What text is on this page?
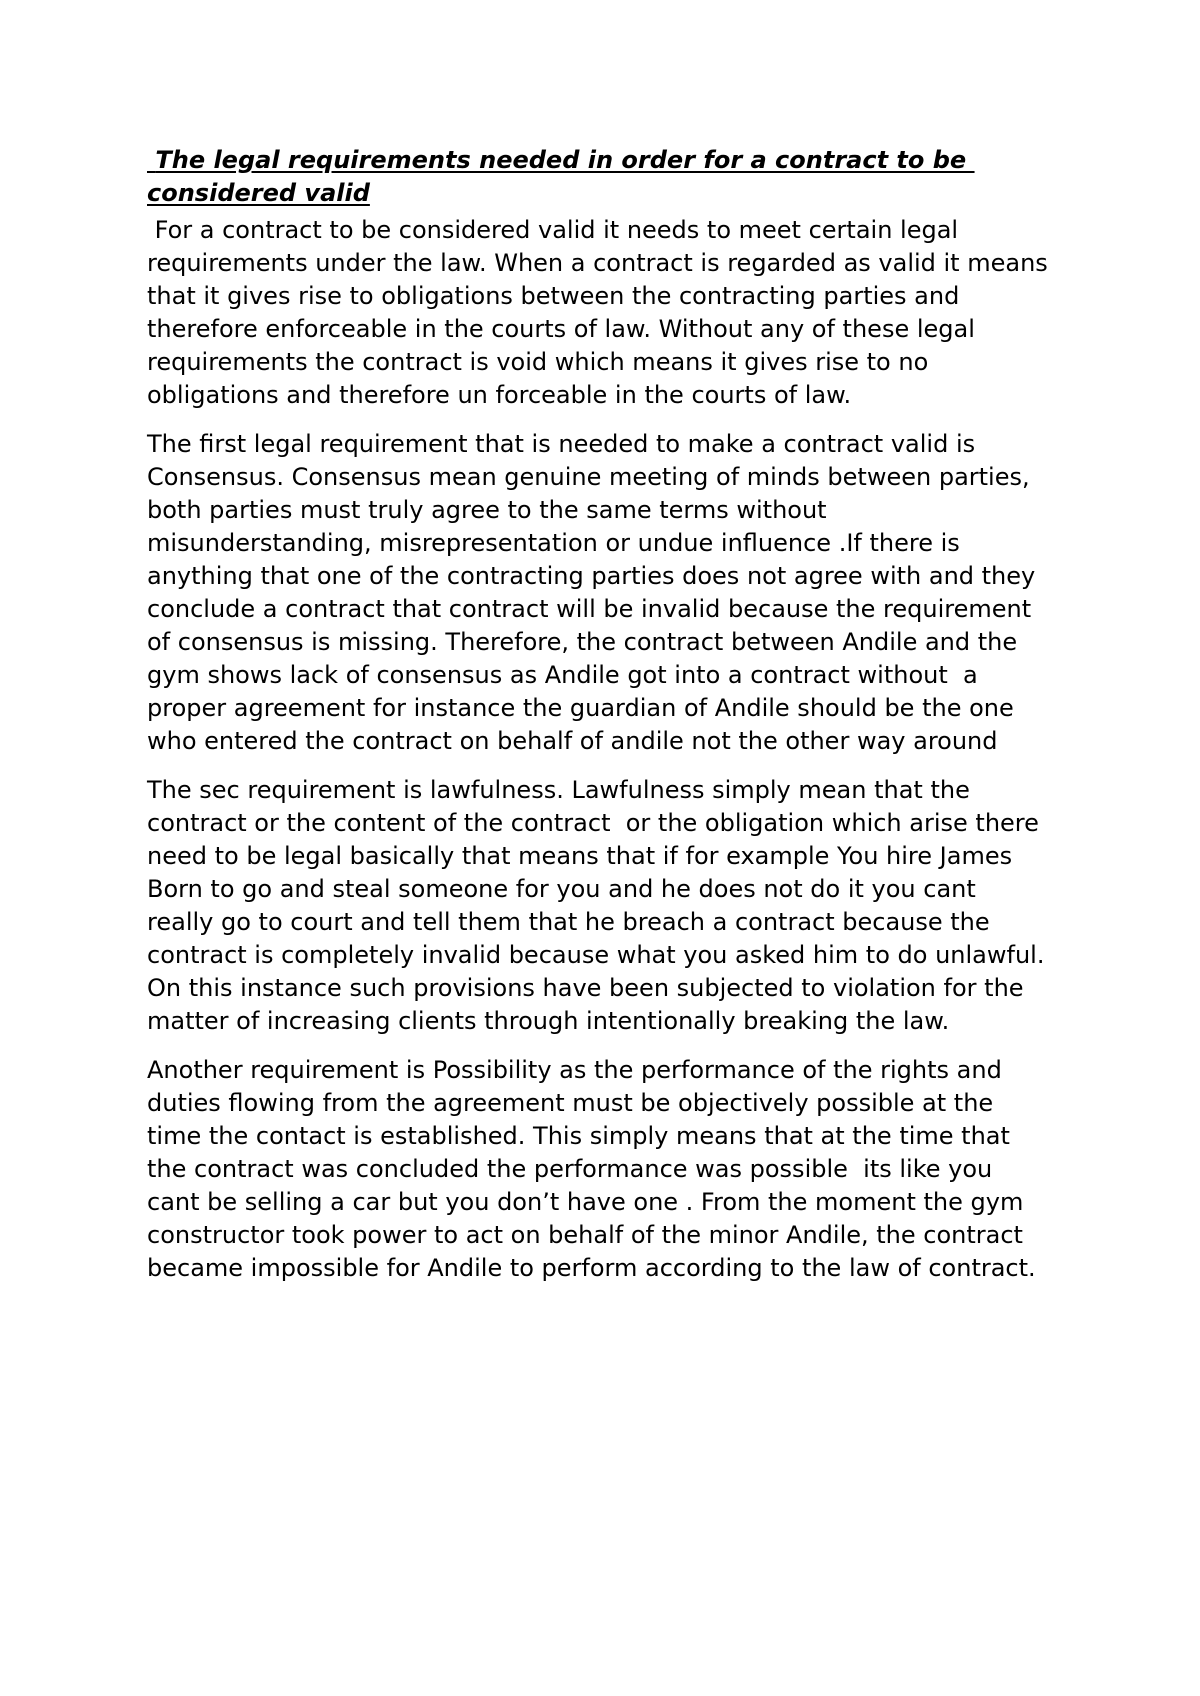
The legal requirements needed in order for a contract to be
considered valid

For a contract to be considered valid it needs to meet certain legal
requirements under the law. When a contract is regarded as valid it means
that it gives rise to obligations between the contracting parties and
therefore enforceable in the courts of law. Without any of these legal
requirements the contract is void which means it gives rise to no
obligations and therefore un forceable in the courts of law.

The first legal requirement that is needed to make a contract valid is
Consensus. Consensus mean genuine meeting of minds between parties,
both parties must truly agree to the same terms without
misunderstanding, misrepresentation or undue influence .If there is
anything that one of the contracting parties does not agree with and they
conclude a contract that contract will be invalid because the requirement
of consensus is missing. Therefore, the contract between Andile and the
gym shows lack of consensus as Andile got into a contract without  a
proper agreement for instance the guardian of Andile should be the one
who entered the contract on behalf of andile not the other way around

The sec requirement is lawfulness. Lawfulness simply mean that the
contract or the content of the contract  or the obligation which arise there
need to be legal basically that means that if for example You hire James
Born to go and steal someone for you and he does not do it you cant
really go to court and tell them that he breach a contract because the
contract is completely invalid because what you asked him to do unlawful.
On this instance such provisions have been subjected to violation for the
matter of increasing clients through intentionally breaking the law.

Another requirement is Possibility as the performance of the rights and
duties flowing from the agreement must be objectively possible at the
time the contact is established. This simply means that at the time that
the contract was concluded the performance was possible  its like you
cant be selling a car but you don’t have one . From the moment the gym
constructor took power to act on behalf of the minor Andile, the contract
became impossible for Andile to perform according to the law of contract.
